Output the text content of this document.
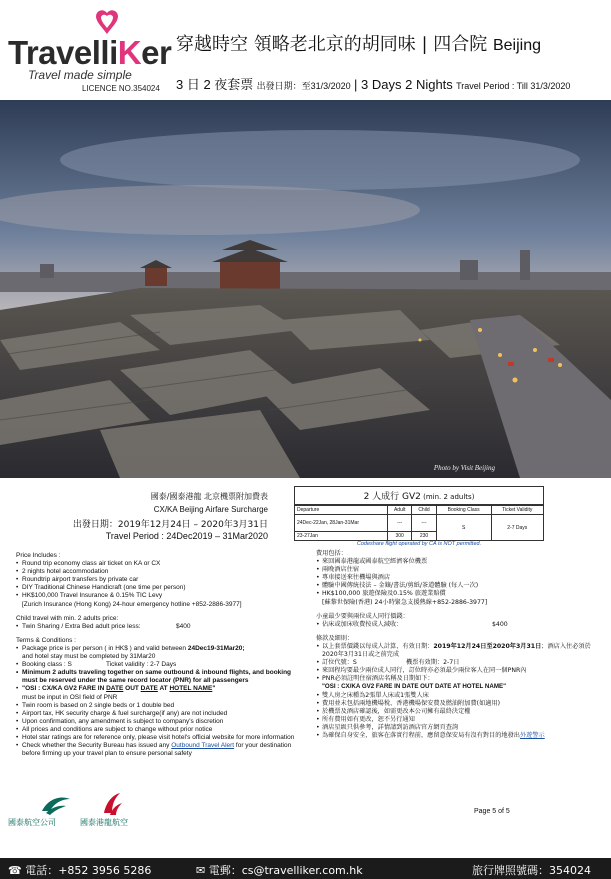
TravelliKer
Travel made simple
LICENCE NO.354024
穿越時空 領略老北京的胡同味 | 四合院 Beijing
3 日 2 夜套票 出發日期：至31/3/2020 | 3 Days 2 Nights Travel Period : Till 31/3/2020
Photo by Visit Beijing
國泰/國泰港龍 北京機票附加費表
CX/KA Beijing Airfare Surcharge
出發日期：2019年12月24日 – 2020年3月31日
Travel Period : 24Dec2019 – 31Mar2020
2 人成行 GV2 (min. 2 adults)
Departure	Adult	Child	Booking Class	Ticket Validity
24Dec-22Jan, 28Jan-31Mar	---	---	S	2-7 Days
23-27Jan	300	230		
Codeshare flight operated by CA is NOT permitted.

Price Includes :

• Round trip economy class air ticket on KA or CX
• 2 nights hotel accommodation
• Roundtrip airport transfers by private car
• DIY Traditional Chinese Handicraft (one time per person)
• HK$100,000 Travel Insurance & 0.15% TIC Levy

[Zurich Insurance (Hong Kong) 24-hour emergency hotline +852-2886-3977]

Child travel with min. 2 adults price:

• Twin Sharing / Extra Bed adult price less:	$400

Terms & Conditions :

• Package price is per person ( in HK$ ) and valid between 24Dec19-31Mar20;
and hotel stay must be completed by 31Mar20
• Booking class : S	Ticket validity : 2-7 Days
• Minimum 2 adults traveling together on same outbound & inbound flights, and booking must be reserved under the same record locator (PNR) for all passengers
• "OSI : CX/KA GV2 FARE IN DATE OUT DATE AT HOTEL NAME"
must be input in OSI field of PNR
• Twin room is based on 2 single beds or 1 double bed
• Airport tax, HK security charge & fuel surcharge(if any) are not included
• Upon confirmation, any amendment is subject to company's discretion
• All prices and conditions are subject to change without prior notice
• Hotel star ratings are for reference only, please visit hotel's official website for more information
• Check whether the Security Bureau has issued any Outbound Travel Alert for your destination before firming up your travel plan to ensure personal safety

費用包括：

• 來回國泰港龍或國泰航空經濟客位機票
• 兩晚酒店住宿
• 專車接送來往機場與酒店
• 體驗中國傳統技法 – 金鑲/書法/剪紙/茶道體驗 (每人一次)
• HK$100,000 旅遊保險及0.15% 旅遊業賠償

[蘇黎世保險(香港) 24小時緊急支援熱線+852-2886-3977]

小童最少要與兩位成人同行價錢：

• 佔床或加床收費按成人減收：	$400

條款及細則：

• 以上套票價錢以每成人計算，有效日期：2019年12月24日至2020年3月31日；酒店入住必須於2020年3月31日或之前完成
• 訂位代號：S	機票有效期：2-7日
• 來回程均要最少兩位成人同行，訂位時亦必須最少兩位客人在同一個PNR內
• PNR必須註明住宿酒店名稱及日期如下：
"OSI : CX/KA GV2 FARE IN DATE OUT DATE AT HOTEL NAME"
• 雙人房之床種為2張單人床或1張雙人床
• 費用並未包括兩地機場稅、香港機場保安費及燃油附加費(如適用)
• 於機票及酒店確認後，如需更改本公司擁有最終決定權
• 所有費用如有更改，恕不另行通知
• 酒店星級只供參考，詳情請到訪酒店官方網頁查詢
• 為確保自身安全，旅客在落實行程前，應留意保安局有沒有對目的地發出外遊警示
國泰航空公司	國泰港龍航空
Page 5 of 5
☎ 電話：+852 3956 5286	✉ 電郵：cs@travelliker.com.hk	旅行牌照號碼：354024
